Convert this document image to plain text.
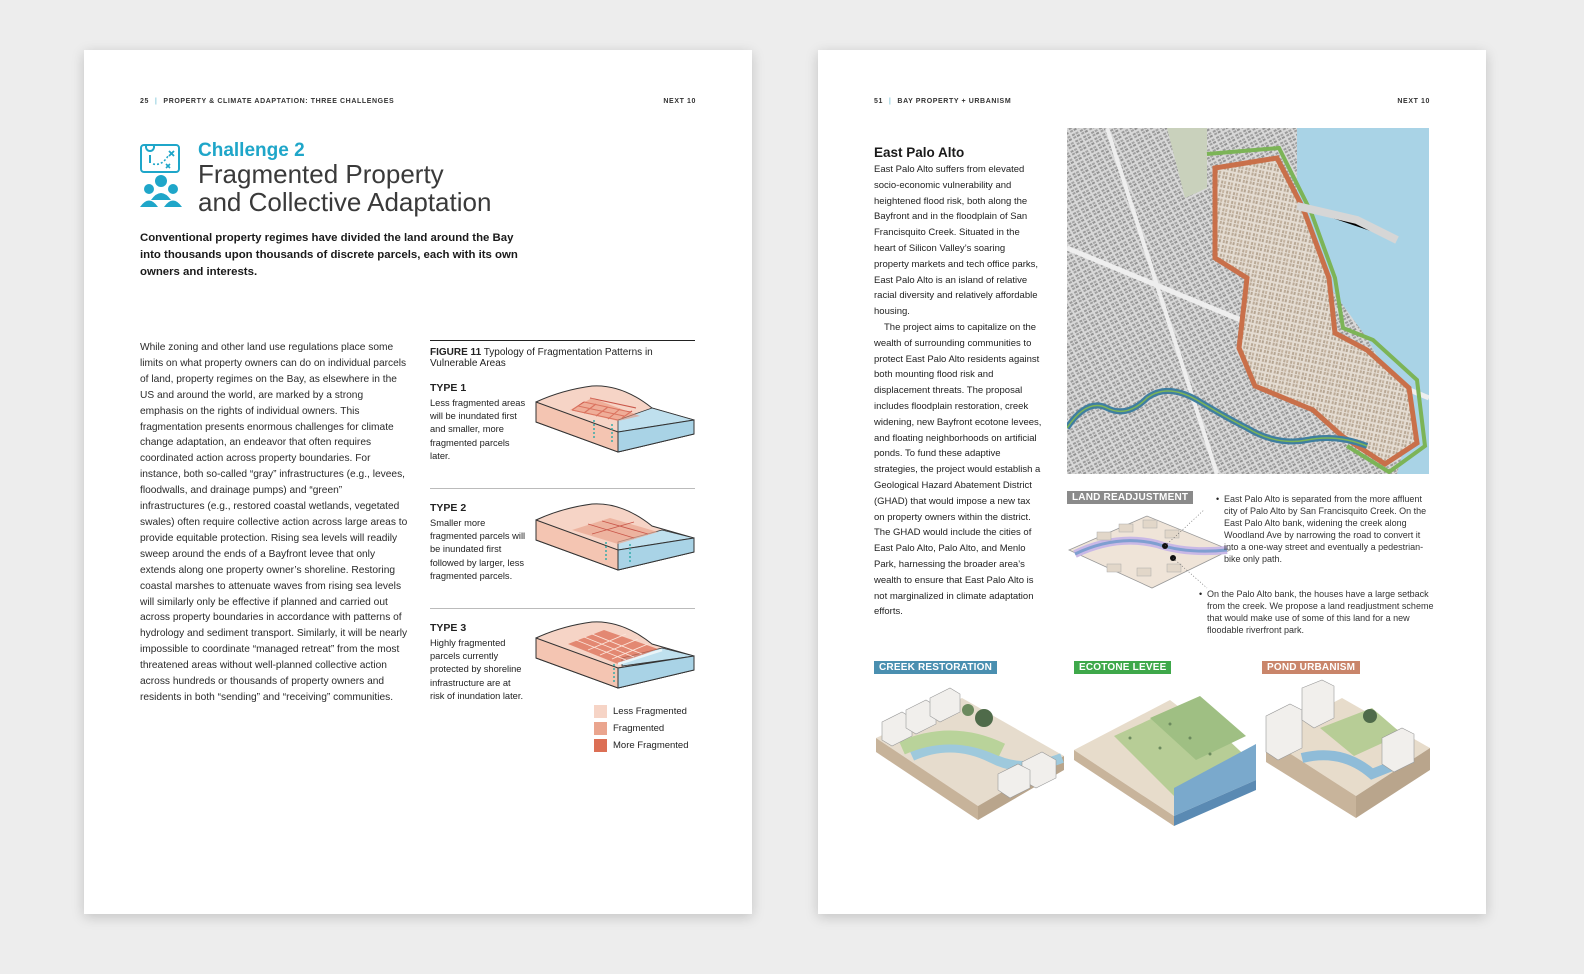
25 | PROPERTY & CLIMATE ADAPTATION: THREE CHALLENGES	NEXT 10
Challenge 2
Fragmented Property
and Collective Adaptation
Conventional property regimes have divided the land around the Bay into thousands upon thousands of discrete parcels, each with its own owners and interests.
While zoning and other land use regulations place some limits on what property owners can do on individual parcels of land, property regimes on the Bay, as elsewhere in the US and around the world, are marked by a strong emphasis on the rights of individual owners. This fragmentation presents enormous challenges for climate change adaptation, an endeavor that often requires coordinated action across property boundaries. For instance, both so-called “gray” infrastructures (e.g., levees, floodwalls, and drainage pumps) and “green” infrastructures (e.g., restored coastal wetlands, vegetated swales) often require collective action across large areas to provide equitable protection. Rising sea levels will readily sweep around the ends of a Bayfront levee that only extends along one property owner’s shoreline. Restoring coastal marshes to attenuate waves from rising sea levels will similarly only be effective if planned and carried out across property boundaries in accordance with patterns of hydrology and sediment transport. Similarly, it will be nearly impossible to coordinate “managed retreat” from the most threatened areas without well-planned collective action across hundreds or thousands of property owners and residents in both “sending” and “receiving” communities.
FIGURE 11 Typology of Fragmentation Patterns in Vulnerable Areas
TYPE 1
Less fragmented areas will be inundated first and smaller, more fragmented parcels later.
TYPE 2
Smaller more fragmented parcels will be inundated first followed by larger, less fragmented parcels.
TYPE 3
Highly fragmented parcels currently protected by shoreline infrastructure are at risk of inundation later.
Less Fragmented
Fragmented
More Fragmented
51 | BAY PROPERTY + URBANISM	NEXT 10
East Palo Alto

East Palo Alto suffers from elevated socio-economic vulnerability and heightened flood risk, both along the Bayfront and in the floodplain of San Francisquito Creek. Situated in the heart of Silicon Valley’s soaring property markets and tech office parks, East Palo Alto is an island of relative racial diversity and relatively affordable housing.

The project aims to capitalize on the wealth of surrounding communities to protect East Palo Alto residents against both mounting flood risk and displacement threats. The proposal includes floodplain restoration, creek widening, new Bayfront ecotone levees, and floating neighborhoods on artificial ponds. To fund these adaptive strategies, the project would establish a Geological Hazard Abatement District (GHAD) that would impose a new tax on property owners within the district. The GHAD would include the cities of East Palo Alto, Palo Alto, and Menlo Park, harnessing the broader area’s wealth to ensure that East Palo Alto is not marginalized in climate adaptation efforts.

LAND READJUSTMENT
•	East Palo Alto is separated from the more affluent city of Palo Alto by San Francisquito Creek. On the East Palo Alto bank, widening the creek along Woodland Ave by narrowing the road to convert it into a one-way street and eventually a pedestrian-bike only path.
• On the Palo Alto bank, the houses have a large setback from the creek. We propose a land readjustment scheme that would make use of some of this land for a new floodable riverfront park.
CREEK RESTORATION	ECOTONE LEVEE	POND URBANISM
